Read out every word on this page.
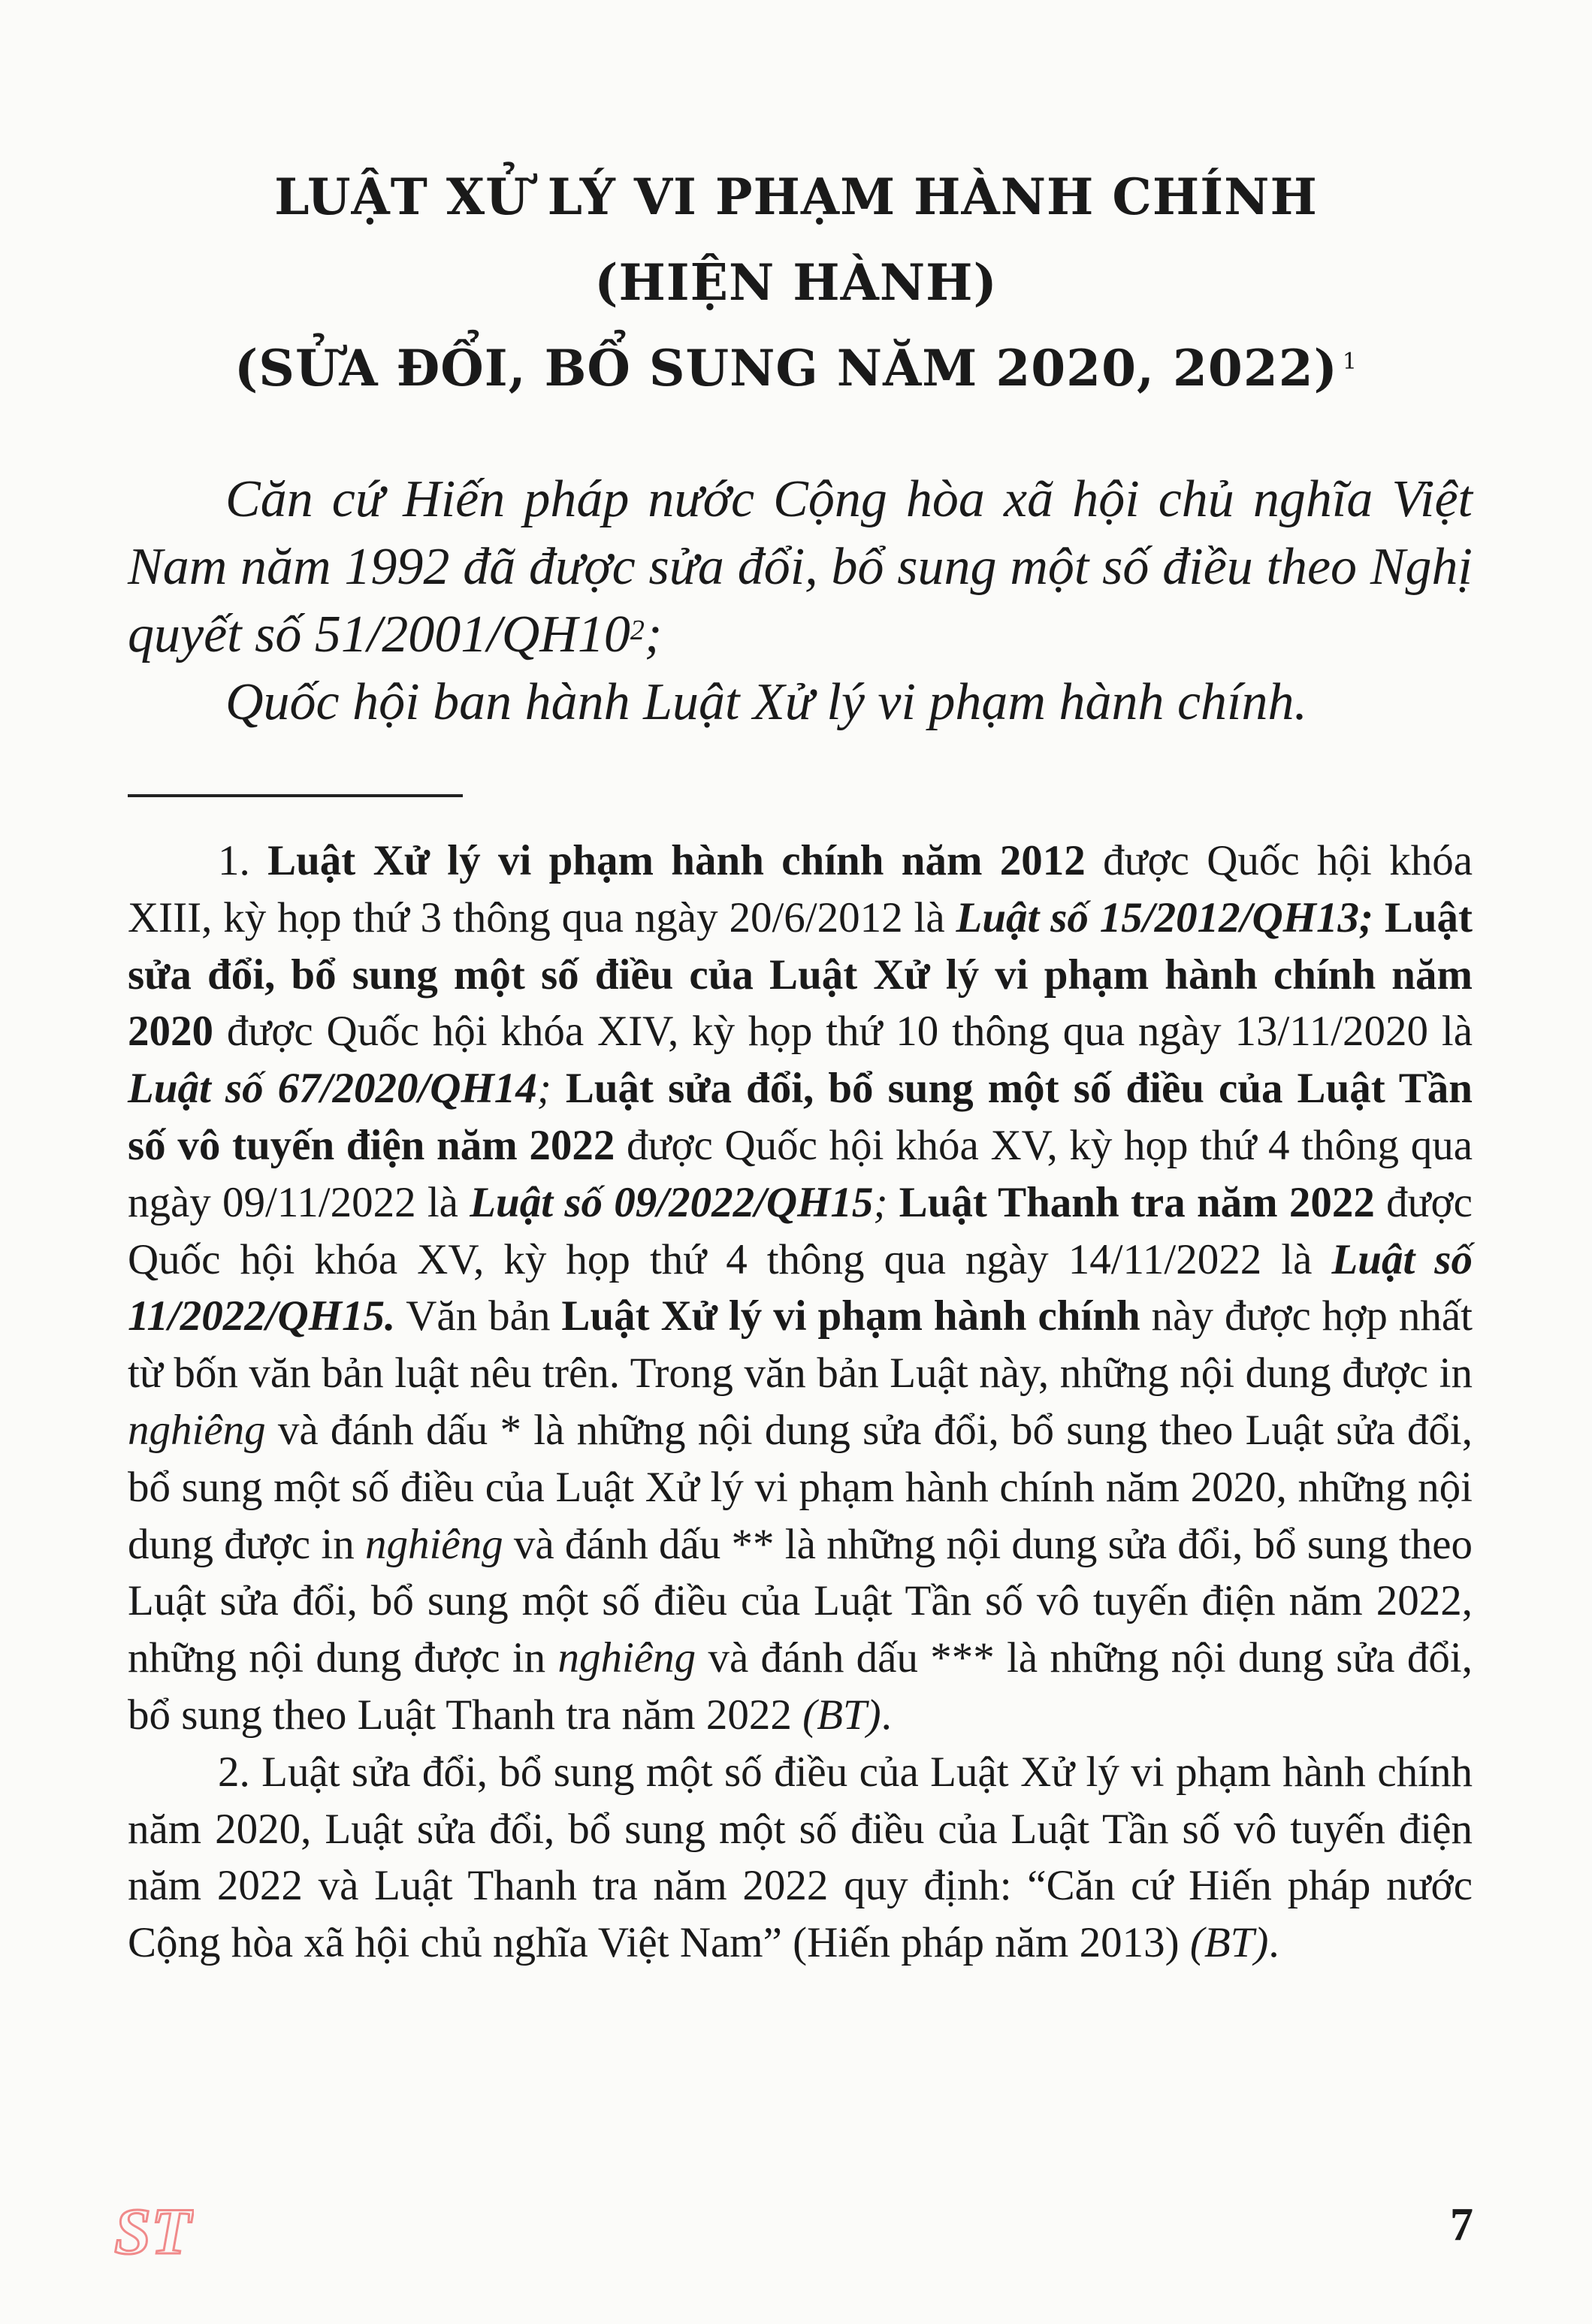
LUẬT XỬ LÝ VI PHẠM HÀNH CHÍNH
(HIỆN HÀNH)
(SỬA ĐỔI, BỔ SUNG NĂM 2020, 2022) $^1$

Căn cứ Hiến pháp nước Cộng hòa xã hội chủ nghĩa Việt Nam năm 1992 đã được sửa đổi, bổ sung một số điều theo Nghị quyết số $51/2001/QH10^2$;

Quốc hội ban hành Luật Xử lý vi phạm hành chính.

1. Luật Xử lý vi phạm hành chính năm 2012 được Quốc hội khóa XIII, kỳ họp thứ 3 thông qua ngày 20/6/2012 là Luật số 15/2012/QH13; Luật sửa đổi, bổ sung một số điều của Luật Xử lý vi phạm hành chính năm 2020 được Quốc hội khóa XIV, kỳ họp thứ 10 thông qua ngày 13/11/2020 là Luật số 67/2020/QH14; Luật sửa đổi, bổ sung một số điều của Luật Tần số vô tuyến điện năm 2022 được Quốc hội khóa XV, kỳ họp thứ 4 thông qua ngày 09/11/2022 là Luật số 09/2022/QH15; Luật Thanh tra năm 2022 được Quốc hội khóa XV, kỳ họp thứ 4 thông qua ngày 14/11/2022 là Luật số 11/2022/QH15. Văn bản Luật Xử lý vi phạm hành chính này được hợp nhất từ bốn văn bản luật nêu trên. Trong văn bản Luật này, những nội dung được in nghiêng và đánh dấu * là những nội dung sửa đổi, bổ sung theo Luật sửa đổi, bổ sung một số điều của Luật Xử lý vi phạm hành chính năm 2020, những nội dung được in nghiêng và đánh dấu ** là những nội dung sửa đổi, bổ sung theo Luật sửa đổi, bổ sung một số điều của Luật Tần số vô tuyến điện năm 2022, những nội dung được in nghiêng và đánh dấu *** là những nội dung sửa đổi, bổ sung theo Luật Thanh tra năm 2022 (BT).

2. Luật sửa đổi, bổ sung một số điều của Luật Xử lý vi phạm hành chính năm 2020, Luật sửa đổi, bổ sung một số điều của Luật Tần số vô tuyến điện năm 2022 và Luật Thanh tra năm 2022 quy định: “Căn cứ Hiến pháp nước Cộng hòa xã hội chủ nghĩa Việt Nam” (Hiến pháp năm 2013) (BT).

ST	7
